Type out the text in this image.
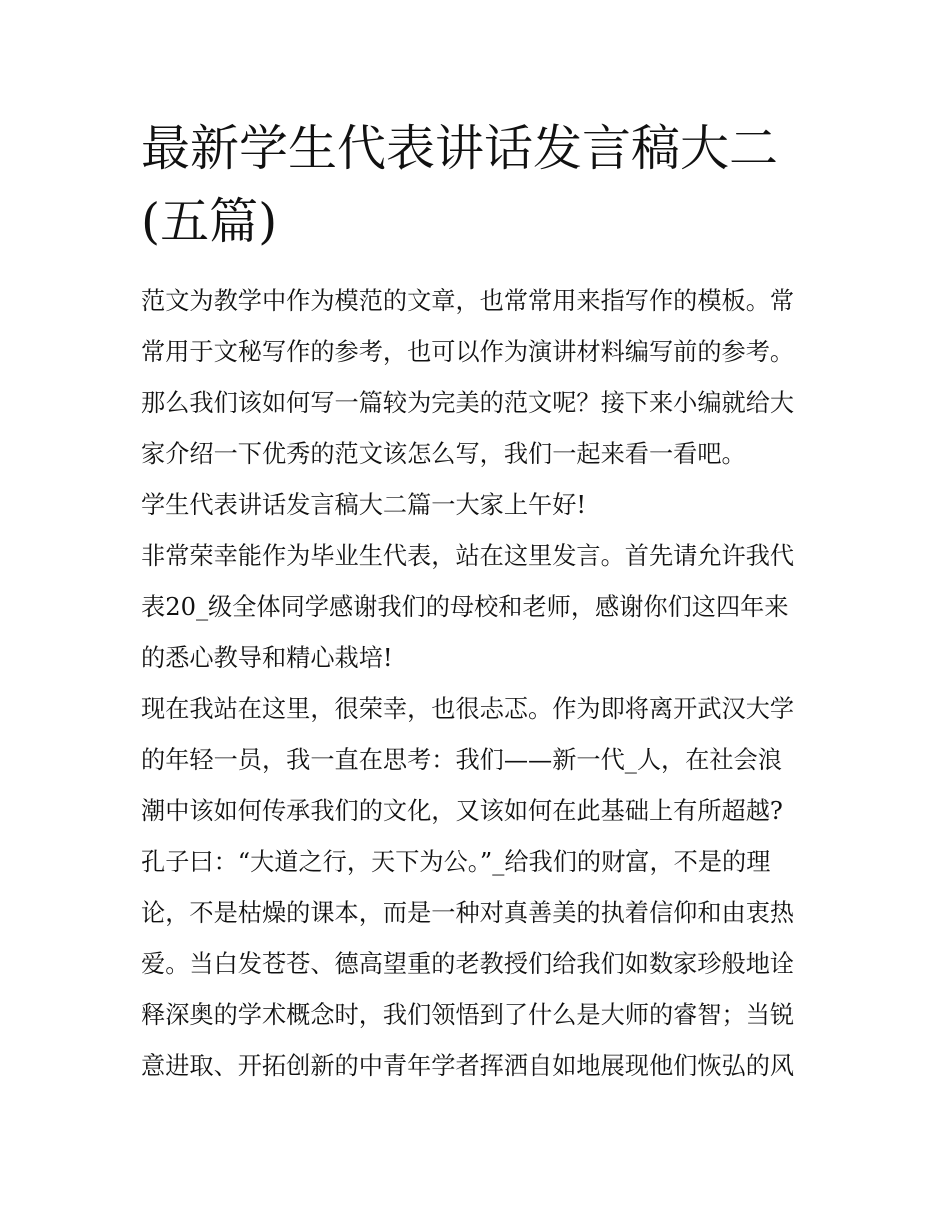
最新学生代表讲话发言稿大二
(五篇)
范文为教学中作为模范的文章，也常常用来指写作的模板。常
常用于文秘写作的参考，也可以作为演讲材料编写前的参考。
那么我们该如何写一篇较为完美的范文呢？接下来小编就给大
家介绍一下优秀的范文该怎么写，我们一起来看一看吧。
学生代表讲话发言稿大二篇一大家上午好!
非常荣幸能作为毕业生代表，站在这里发言。首先请允许我代
表20_级全体同学感谢我们的母校和老师，感谢你们这四年来
的悉心教导和精心栽培!
现在我站在这里，很荣幸，也很忐忑。作为即将离开武汉大学
的年轻一员，我一直在思考：我们——新一代_人，在社会浪
潮中该如何传承我们的文化，又该如何在此基础上有所超越?
孔子曰：“大道之行，天下为公。”_给我们的财富，不是的理
论，不是枯燥的课本，而是一种对真善美的执着信仰和由衷热
爱。当白发苍苍、德高望重的老教授们给我们如数家珍般地诠
释深奥的学术概念时，我们领悟到了什么是大师的睿智；当锐
意进取、开拓创新的中青年学者挥洒自如地展现他们恢弘的风
